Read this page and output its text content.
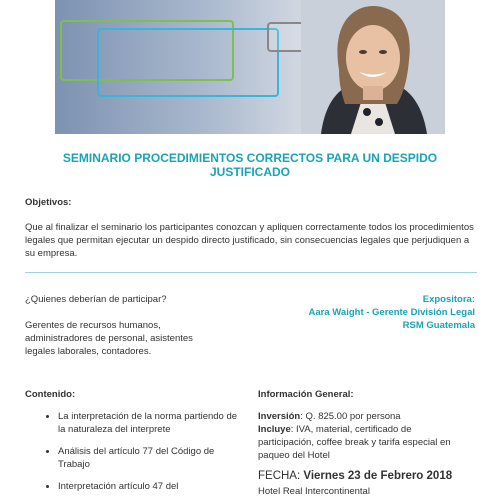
SEMINARIO PROCEDIMIENTOS CORRECTOS PARA UN DESPIDO JUSTIFICADO

Objetivos:

Que al finalizar el seminario los participantes conozcan y apliquen correctamente todos los procedimientos legales que permitan ejecutar un despido directo justificado, sin consecuencias legales que perjudiquen a su empresa.

¿Quienes deberían de participar?

Gerentes de recursos humanos, administradores de personal, asistentes legales laborales, contadores.

Expositora:

Aara Waight - Gerente División Legal

RSM Guatemala

Contenido:

• La interpretación de la norma partiendo de la naturaleza del interprete
• Análisis del artículo 77 del Código de Trabajo
• Interpretación artículo 47 del

Información General:

Inversión: Q. 825.00 por persona

Incluye: IVA, material, certificado de participación, coffee break y tarifa especial en paqueo del Hotel

FECHA: Viernes 23 de Febrero 2018

Hotel Real Intercontinental
